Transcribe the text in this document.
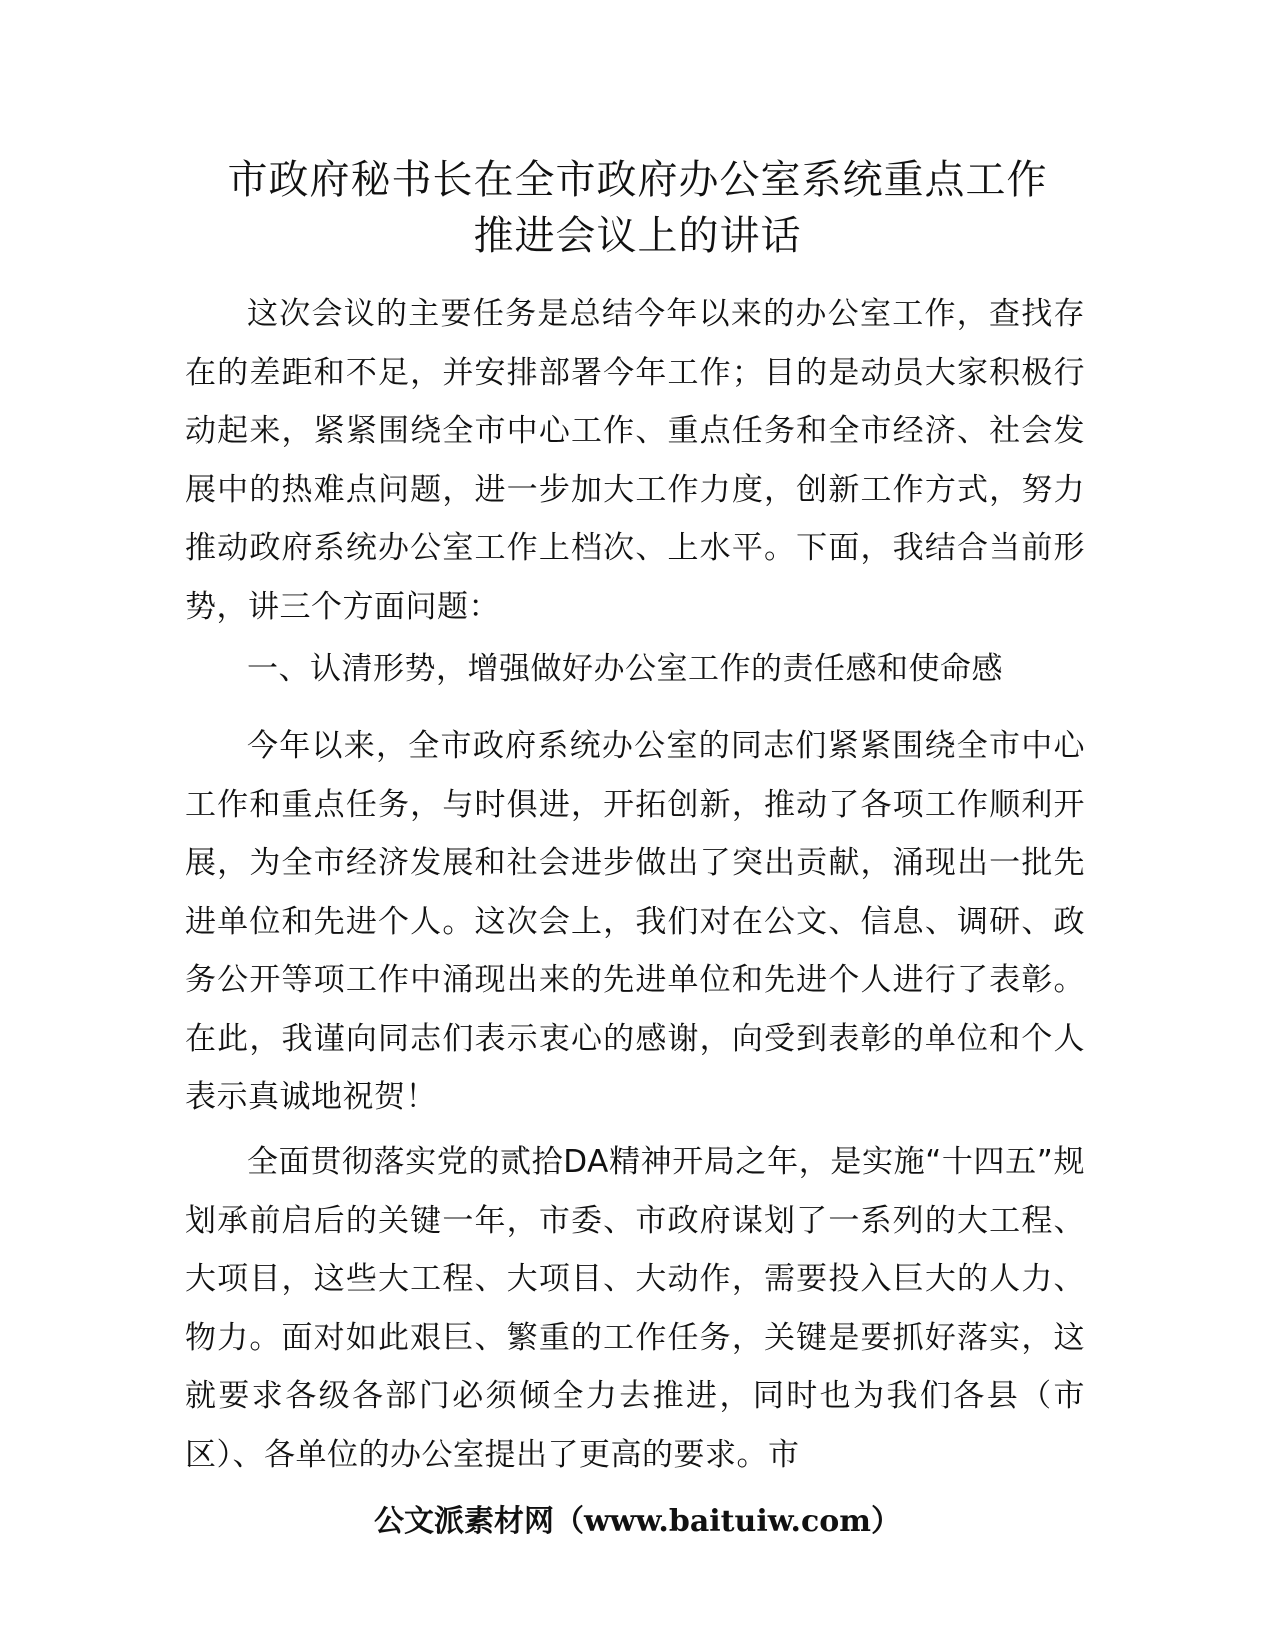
市政府秘书长在全市政府办公室系统重点工作
推进会议上的讲话

这次会议的主要任务是总结今年以来的办公室工作，查找存在的差距和不足，并安排部署今年工作；目的是动员大家积极行动起来，紧紧围绕全市中心工作、重点任务和全市经济、社会发展中的热难点问题，进一步加大工作力度，创新工作方式，努力推动政府系统办公室工作上档次、上水平。下面，我结合当前形势，讲三个方面问题：

一、认清形势，增强做好办公室工作的责任感和使命感

今年以来，全市政府系统办公室的同志们紧紧围绕全市中心工作和重点任务，与时俱进，开拓创新，推动了各项工作顺利开展，为全市经济发展和社会进步做出了突出贡献，涌现出一批先进单位和先进个人。这次会上，我们对在公文、信息、调研、政务公开等项工作中涌现出来的先进单位和先进个人进行了表彰。在此，我谨向同志们表示衷心的感谢，向受到表彰的单位和个人表示真诚地祝贺！

全面贯彻落实党的贰拾DA精神开局之年，是实施“十四五”规划承前启后的关键一年，市委、市政府谋划了一系列的大工程、大项目，这些大工程、大项目、大动作，需要投入巨大的人力、物力。面对如此艰巨、繁重的工作任务，关键是要抓好落实，这就要求各级各部门必须倾全力去推进，同时也为我们各县（市区）、各单位的办公室提出了更高的要求。市

公文派素材网（www.baituiw.com）
